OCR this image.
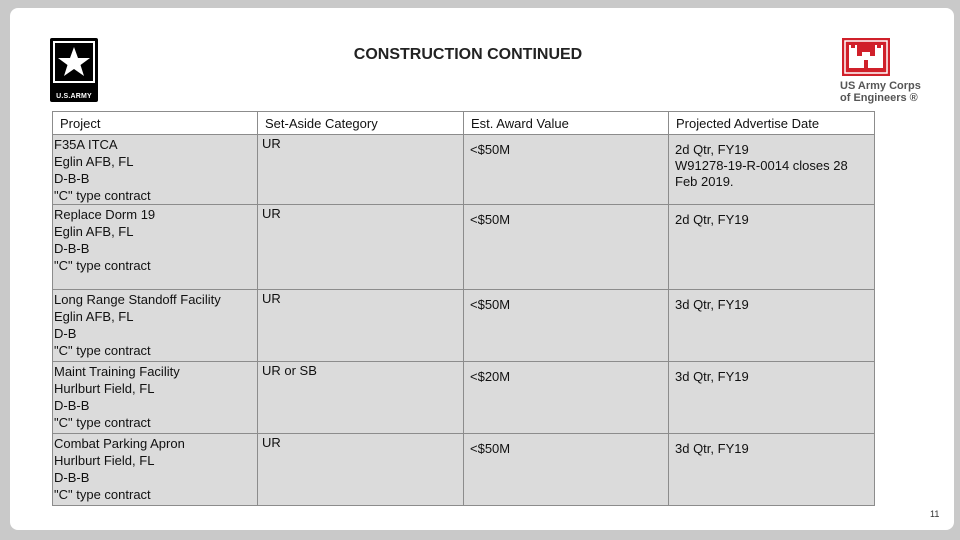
U.S.ARMY
CONSTRUCTION CONTINUED
US Army Corps
of Engineers ®
Project	Set-Aside Category	Est. Award Value	Projected Advertise Date

F35A ITCA
Eglin AFB, FL
D-B-B
"C" type contract	UR	<$50M	2d Qtr, FY19
W91278-19-R-0014 closes 28
Feb 2019.

Replace Dorm 19
Eglin AFB, FL
D-B-B
"C" type contract	UR	<$50M	2d Qtr, FY19

Long Range Standoff Facility
Eglin AFB, FL
D-B
"C" type contract	UR	<$50M	3d Qtr, FY19

Maint Training Facility
Hurlburt Field, FL
D-B-B
"C" type contract	UR or SB	<$20M	3d Qtr, FY19

Combat Parking Apron
Hurlburt Field, FL
D-B-B
"C" type contract	UR	<$50M	3d Qtr, FY19
11
